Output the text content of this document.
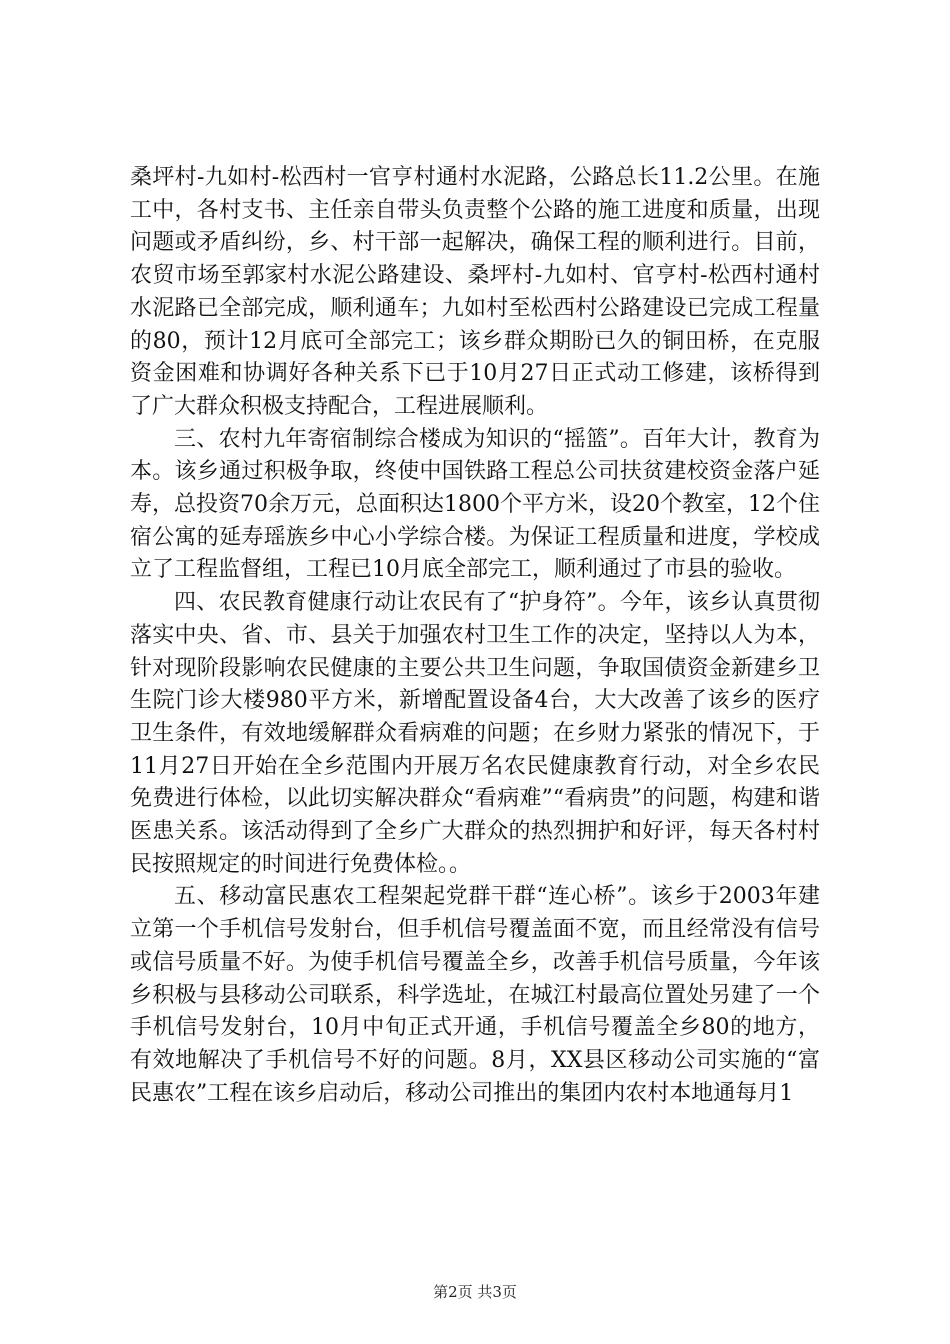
桑坪村-九如村-松西村一官亨村通村水泥路，公路总长11.2公里。在施工中，各村支书、主任亲自带头负责整个公路的施工进度和质量，出现问题或矛盾纠纷，乡、村干部一起解决，确保工程的顺利进行。目前，农贸市场至郭家村水泥公路建设、桑坪村-九如村、官亨村-松西村通村水泥路已全部完成，顺利通车；九如村至松西村公路建设已完成工程量的80，预计12月底可全部完工；该乡群众期盼已久的铜田桥，在克服资金困难和协调好各种关系下已于10月27日正式动工修建，该桥得到了广大群众积极支持配合，工程进展顺利。

三、农村九年寄宿制综合楼成为知识的“摇篮”。百年大计，教育为本。该乡通过积极争取，终使中国铁路工程总公司扶贫建校资金落户延寿，总投资70余万元，总面积达1800个平方米，设20个教室，12个住宿公寓的延寿瑶族乡中心小学综合楼。为保证工程质量和进度，学校成立了工程监督组，工程已10月底全部完工，顺利通过了市县的验收。

四、农民教育健康行动让农民有了“护身符”。今年，该乡认真贯彻落实中央、省、市、县关于加强农村卫生工作的决定，坚持以人为本，针对现阶段影响农民健康的主要公共卫生问题，争取国债资金新建乡卫生院门诊大楼980平方米，新增配置设备4台，大大改善了该乡的医疗卫生条件，有效地缓解群众看病难的问题；在乡财力紧张的情况下，于11月27日开始在全乡范围内开展万名农民健康教育行动，对全乡农民免费进行体检，以此切实解决群众“看病难”“看病贵”的问题，构建和谐医患关系。该活动得到了全乡广大群众的热烈拥护和好评，每天各村村民按照规定的时间进行免费体检。。

五、移动富民惠农工程架起党群干群“连心桥”。该乡于2003年建立第一个手机信号发射台，但手机信号覆盖面不宽，而且经常没有信号或信号质量不好。为使手机信号覆盖全乡，改善手机信号质量，今年该乡积极与县移动公司联系，科学选址，在城江村最高位置处另建了一个手机信号发射台，10月中旬正式开通，手机信号覆盖全乡80的地方，有效地解决了手机信号不好的问题。8月，XX县区移动公司实施的“富民惠农”工程在该乡启动后，移动公司推出的集团内农村本地通每月1

第2页 共3页
